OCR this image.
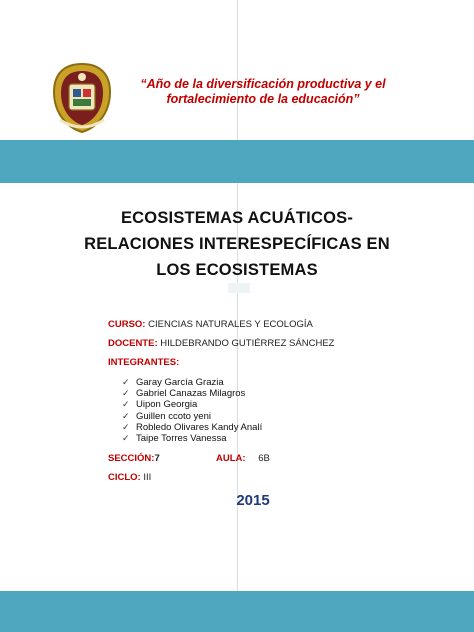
“Año de la diversificación productiva y el fortalecimiento de la educación”
ECOSISTEMAS ACUÁTICOS-
RELACIONES INTERESPECÍFICAS EN
LOS ECOSISTEMAS
CURSO: CIENCIAS NATURALES Y ECOLOGÍA
DOCENTE: HILDEBRANDO GUTIÉRREZ SÁNCHEZ
INTEGRANTES:
✓ Garay García Grazia
✓ Gabriel Canazas Milagros
✓ Uipon Georgia
✓ Guillen ccoto yeni
✓ Robledo Olivares Kandy Analí
✓ Taipe Torres Vanessa
SECCIÓN:7	AULA: 6B
CICLO: III
2015
